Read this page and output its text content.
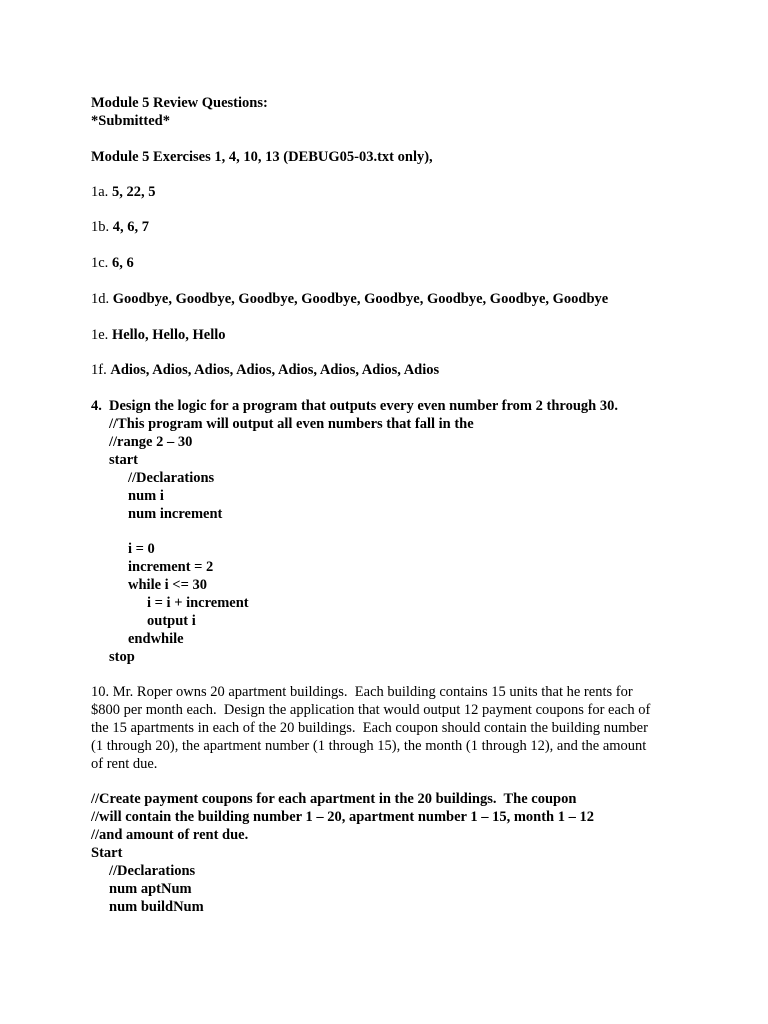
Module 5 Review Questions:
*Submitted*
Module 5 Exercises 1, 4, 10, 13 (DEBUG05-03.txt only),
1a. 5, 22, 5
1b. 4, 6, 7
1c. 6, 6
1d. Goodbye, Goodbye, Goodbye, Goodbye, Goodbye, Goodbye, Goodbye, Goodbye
1e. Hello, Hello, Hello
1f. Adios, Adios, Adios, Adios, Adios, Adios, Adios, Adios
4. Design the logic for a program that outputs every even number from 2 through 30.
//This program will output all even numbers that fall in the
//range 2 – 30
start
//Declarations
num i
num increment
i = 0
increment = 2
while i <= 30
i = i + increment
output i
endwhile
stop
10. Mr. Roper owns 20 apartment buildings.  Each building contains 15 units that he rents for
$800 per month each.  Design the application that would output 12 payment coupons for each of
the 15 apartments in each of the 20 buildings.  Each coupon should contain the building number
(1 through 20), the apartment number (1 through 15), the month (1 through 12), and the amount
of rent due.
//Create payment coupons for each apartment in the 20 buildings.  The coupon
//will contain the building number 1 – 20, apartment number 1 – 15, month 1 – 12
//and amount of rent due.
Start
//Declarations
num aptNum
num buildNum
